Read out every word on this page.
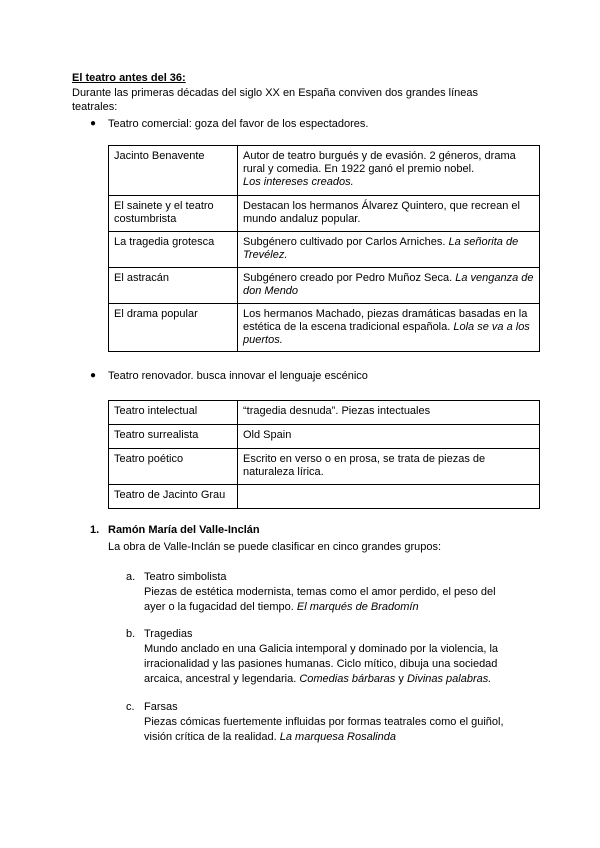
El teatro antes del 36:
Durante las primeras décadas del siglo XX en España conviven dos grandes líneas teatrales:
● Teatro comercial: goza del favor de los espectadores.
Jacinto Benavente	Autor de teatro burgués y de evasión. 2 géneros, drama rural y comedia. En 1922 ganó el premio nobel.
Los intereses creados.
El sainete y el teatro costumbrista	Destacan los hermanos Álvarez Quintero, que recrean el mundo andaluz popular.
La tragedia grotesca	Subgénero cultivado por Carlos Arniches. La señorita de Trevélez.
El astracán	Subgénero creado por Pedro Muñoz Seca. La venganza de don Mendo
El drama popular	Los hermanos Machado, piezas dramáticas basadas en la estética de la escena tradicional española. Lola se va a los puertos.
● Teatro renovador. busca innovar el lenguaje escénico
Teatro intelectual	“tragedia desnuda”. Piezas intectuales
Teatro surrealista	Old Spain
Teatro poético	Escrito en verso o en prosa, se trata de piezas de naturaleza lírica.
Teatro de Jacinto Grau	
1. Ramón María del Valle-Inclán
La obra de Valle-Inclán se puede clasificar en cinco grandes grupos:
a. Teatro simbolista
Piezas de estética modernista, temas como el amor perdido, el peso del ayer o la fugacidad del tiempo. El marqués de Bradomín
b. Tragedias
Mundo anclado en una Galicia intemporal y dominado por la violencia, la irracionalidad y las pasiones humanas. Ciclo mítico, dibuja una sociedad arcaica, ancestral y legendaria. Comedias bárbaras y Divinas palabras.
c. Farsas
Piezas cómicas fuertemente influidas por formas teatrales como el guiñol, visión crítica de la realidad. La marquesa Rosalinda
